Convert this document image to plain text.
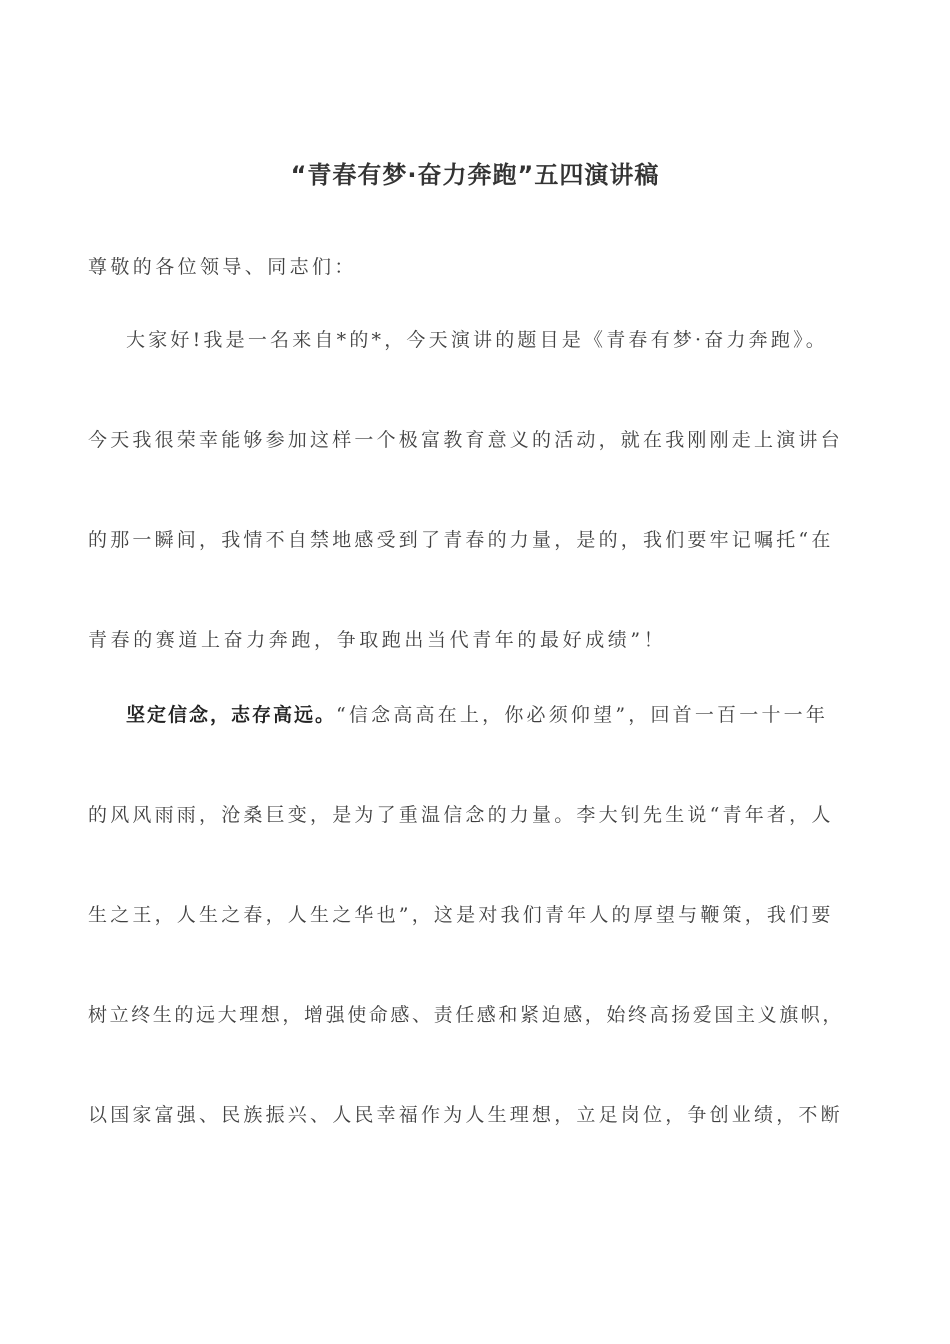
“青春有梦·奋力奔跑”五四演讲稿
尊敬的各位领导、同志们：
大家好!我是一名来自*的*，今天演讲的题目是《青春有梦·奋力奔跑》。
今天我很荣幸能够参加这样一个极富教育意义的活动，就在我刚刚走上演讲台
的那一瞬间，我情不自禁地感受到了青春的力量，是的，我们要牢记嘱托“在
青春的赛道上奋力奔跑，争取跑出当代青年的最好成绩”！
坚定信念，志存高远。“信念高高在上，你必须仰望”，回首一百一十一年
的风风雨雨，沧桑巨变，是为了重温信念的力量。李大钊先生说“青年者，人
生之王，人生之春，人生之华也”，这是对我们青年人的厚望与鞭策，我们要
树立终生的远大理想，增强使命感、责任感和紧迫感，始终高扬爱国主义旗帜，
以国家富强、民族振兴、人民幸福作为人生理想，立足岗位，争创业绩，不断
